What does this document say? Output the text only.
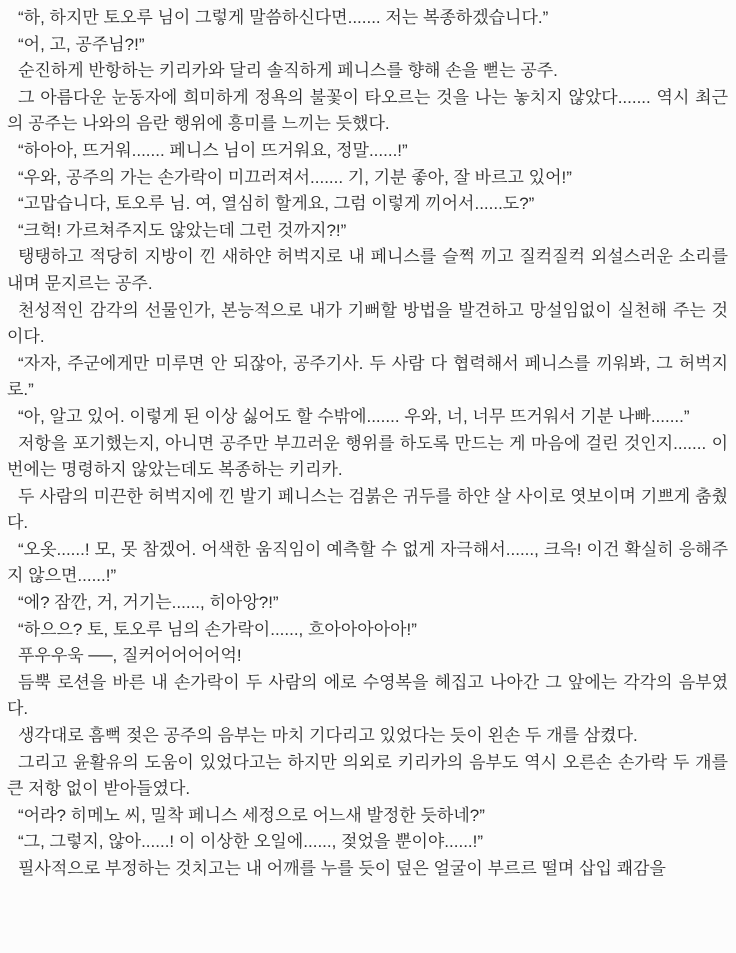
“하, 하지만 토오루 님이 그렇게 말씀하신다면....... 저는 복종하겠습니다.”

“어, 고, 공주님?!”

순진하게 반항하는 키리카와 달리 솔직하게 페니스를 향해 손을 뻗는 공주.

그 아름다운 눈동자에 희미하게 정욕의 불꽃이 타오르는 것을 나는 놓치지 않았다....... 역시 최근의 공주는 나와의 음란 행위에 흥미를 느끼는 듯했다.

“하아아, 뜨거워....... 페니스 님이 뜨거워요, 정말......!”

“우와, 공주의 가는 손가락이 미끄러져서....... 기, 기분 좋아, 잘 바르고 있어!”

“고맙습니다, 토오루 님. 여, 열심히 할게요, 그럼 이렇게 끼어서......도?”

“크헉! 가르쳐주지도 않았는데 그런 것까지?!”

탱탱하고 적당히 지방이 낀 새하얀 허벅지로 내 페니스를 슬쩍 끼고 질컥질컥 외설스러운 소리를 내며 문지르는 공주.

천성적인 감각의 선물인가, 본능적으로 내가 기뻐할 방법을 발견하고 망설임없이 실천해 주는 것이다.

“자자, 주군에게만 미루면 안 되잖아, 공주기사. 두 사람 다 협력해서 페니스를 끼워봐, 그 허벅지로.”

“아, 알고 있어. 이렇게 된 이상 싫어도 할 수밖에....... 우와, 너, 너무 뜨거워서 기분 나빠.......”

저항을 포기했는지, 아니면 공주만 부끄러운 행위를 하도록 만드는 게 마음에 걸린 것인지....... 이번에는 명령하지 않았는데도 복종하는 키리카.

두 사람의 미끈한 허벅지에 낀 발기 페니스는 검붉은 귀두를 하얀 살 사이로 엿보이며 기쁘게 춤췄다.

“오옷......! 모, 못 참겠어. 어색한 움직임이 예측할 수 없게 자극해서......, 크윽! 이건 확실히 응해주지 않으면......!”

“에? 잠깐, 거, 거기는......, 히아앙?!”

“하으으? 토, 토오루 님의 손가락이......, 흐아아아아아!”

푸우우욱 ──, 질커어어어어억!

듬뿍 로션을 바른 내 손가락이 두 사람의 에로 수영복을 헤집고 나아간 그 앞에는 각각의 음부였다.

생각대로 흠뻑 젖은 공주의 음부는 마치 기다리고 있었다는 듯이 왼손 두 개를 삼켰다.

그리고 윤활유의 도움이 있었다고는 하지만 의외로 키리카의 음부도 역시 오른손 손가락 두 개를 큰 저항 없이 받아들였다.

“어라? 히메노 씨, 밀착 페니스 세정으로 어느새 발정한 듯하네?”

“그, 그렇지, 않아......! 이 이상한 오일에......, 젖었을 뿐이야......!”

필사적으로 부정하는 것치고는 내 어깨를 누를 듯이 덮은 얼굴이 부르르 떨며 삽입 쾌감을
